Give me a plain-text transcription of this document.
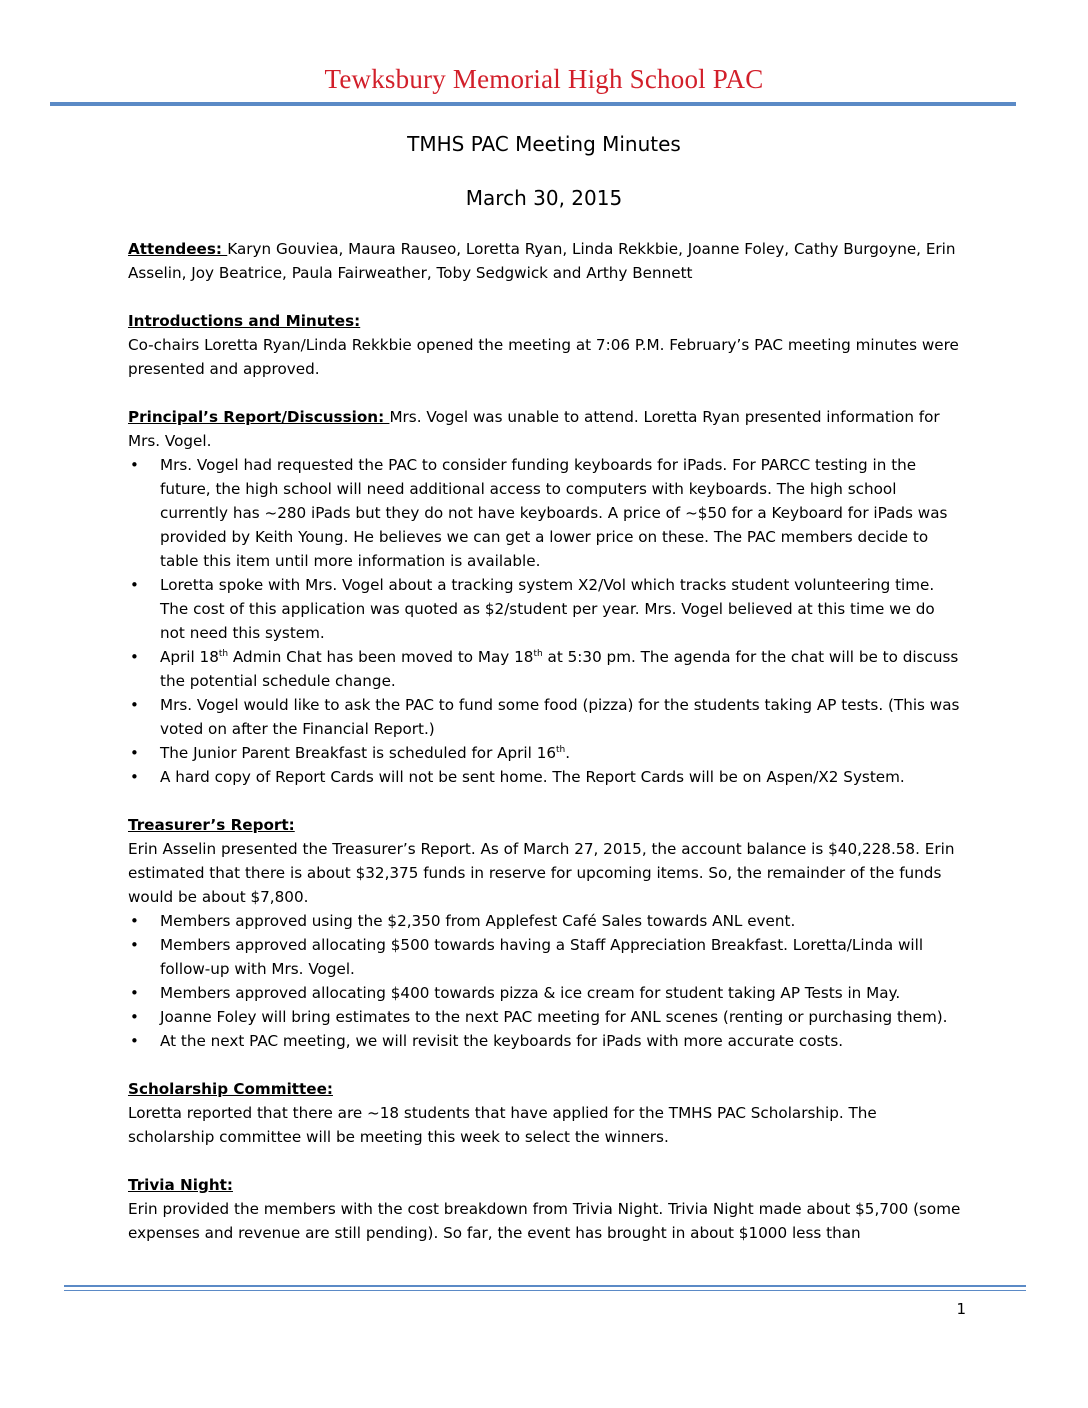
Tewksbury Memorial High School PAC
TMHS PAC Meeting Minutes
March 30, 2015

Attendees: Karyn Gouviea, Maura Rauseo, Loretta Ryan, Linda Rekkbie, Joanne Foley, Cathy Burgoyne, Erin Asselin, Joy Beatrice, Paula Fairweather, Toby Sedgwick and Arthy Bennett

Introductions and Minutes:

Co-chairs Loretta Ryan/Linda Rekkbie opened the meeting at 7:06 P.M. February’s PAC meeting minutes were presented and approved.

Principal’s Report/Discussion: Mrs. Vogel was unable to attend. Loretta Ryan presented information for Mrs. Vogel.

• Mrs. Vogel had requested the PAC to consider funding keyboards for iPads. For PARCC testing in the future, the high school will need additional access to computers with keyboards. The high school currently has ~280 iPads but they do not have keyboards. A price of ~$50 for a Keyboard for iPads was provided by Keith Young. He believes we can get a lower price on these. The PAC members decide to table this item until more information is available.
• Loretta spoke with Mrs. Vogel about a tracking system X2/Vol which tracks student volunteering time. The cost of this application was quoted as $2/student per year. Mrs. Vogel believed at this time we do not need this system.
• April 18th Admin Chat has been moved to May 18th at 5:30 pm. The agenda for the chat will be to discuss the potential schedule change.
• Mrs. Vogel would like to ask the PAC to fund some food (pizza) for the students taking AP tests. (This was voted on after the Financial Report.)
• The Junior Parent Breakfast is scheduled for April 16th.
• A hard copy of Report Cards will not be sent home. The Report Cards will be on Aspen/X2 System.

Treasurer’s Report:

Erin Asselin presented the Treasurer’s Report. As of March 27, 2015, the account balance is $40,228.58. Erin estimated that there is about $32,375 funds in reserve for upcoming items. So, the remainder of the funds would be about $7,800.

• Members approved using the $2,350 from Applefest Café Sales towards ANL event.
• Members approved allocating $500 towards having a Staff Appreciation Breakfast. Loretta/Linda will follow-up with Mrs. Vogel.
• Members approved allocating $400 towards pizza & ice cream for student taking AP Tests in May.
• Joanne Foley will bring estimates to the next PAC meeting for ANL scenes (renting or purchasing them).
• At the next PAC meeting, we will revisit the keyboards for iPads with more accurate costs.

Scholarship Committee:

Loretta reported that there are ~18 students that have applied for the TMHS PAC Scholarship. The scholarship committee will be meeting this week to select the winners.

Trivia Night:

Erin provided the members with the cost breakdown from Trivia Night. Trivia Night made about $5,700 (some expenses and revenue are still pending). So far, the event has brought in about $1000 less than

1
